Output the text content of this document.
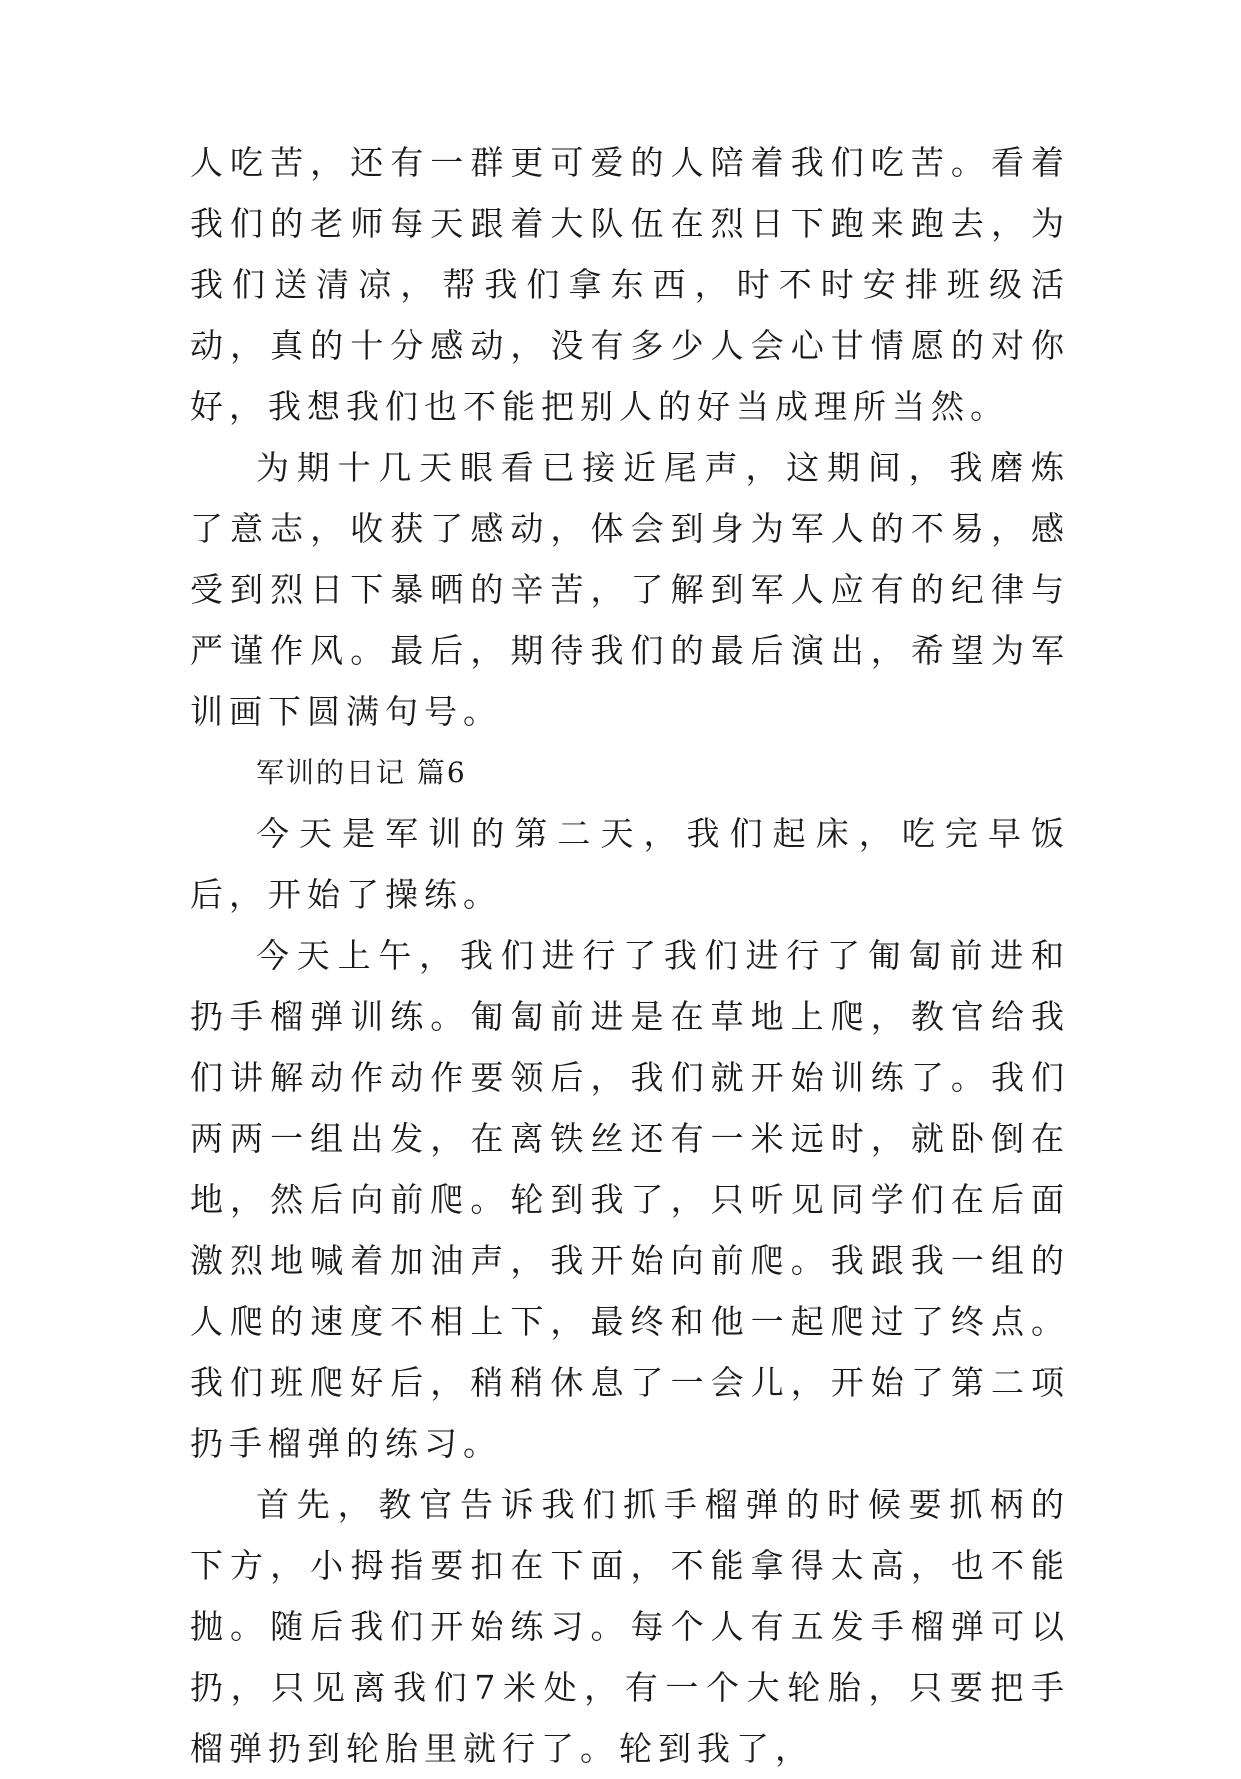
人吃苦，还有一群更可爱的人陪着我们吃苦。看着我们的老师每天跟着大队伍在烈日下跑来跑去，为我们送清凉，帮我们拿东西，时不时安排班级活动，真的十分感动，没有多少人会心甘情愿的对你好，我想我们也不能把别人的好当成理所当然。

为期十几天眼看已接近尾声，这期间，我磨炼了意志，收获了感动，体会到身为军人的不易，感受到烈日下暴晒的辛苦，了解到军人应有的纪律与严谨作风。最后，期待我们的最后演出，希望为军训画下圆满句号。

军训的日记 篇6

今天是军训的第二天，我们起床，吃完早饭后，开始了操练。

今天上午，我们进行了我们进行了匍匐前进和扔手榴弹训练。匍匐前进是在草地上爬，教官给我们讲解动作动作要领后，我们就开始训练了。我们两两一组出发，在离铁丝还有一米远时，就卧倒在地，然后向前爬。轮到我了，只听见同学们在后面激烈地喊着加油声，我开始向前爬。我跟我一组的人爬的速度不相上下，最终和他一起爬过了终点。我们班爬好后，稍稍休息了一会儿，开始了第二项扔手榴弹的练习。

首先，教官告诉我们抓手榴弹的时候要抓柄的下方，小拇指要扣在下面，不能拿得太高，也不能抛。随后我们开始练习。每个人有五发手榴弹可以扔，只见离我们7米处，有一个大轮胎，只要把手榴弹扔到轮胎里就行了。轮到我了，
